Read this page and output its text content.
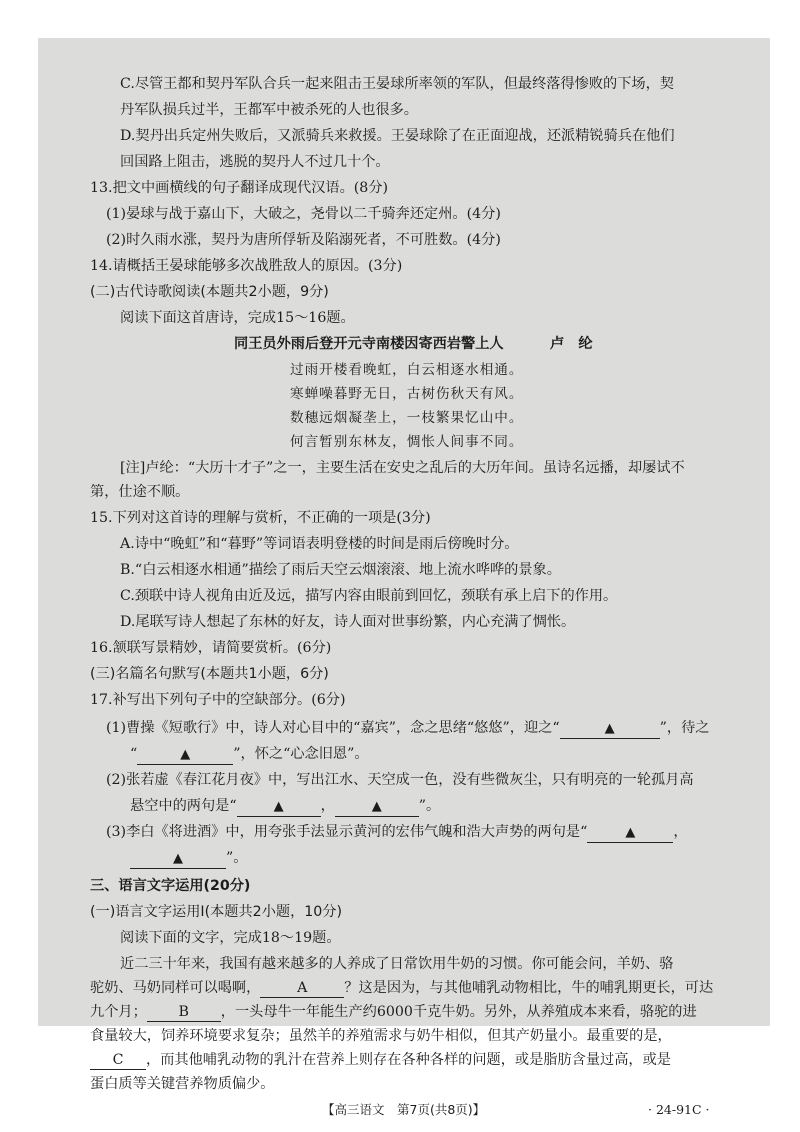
C.尽管王都和契丹军队合兵一起来阻击王晏球所率领的军队，但最终落得惨败的下场，契
丹军队损兵过半，王都军中被杀死的人也很多。
D.契丹出兵定州失败后，又派骑兵来救援。王晏球除了在正面迎战，还派精锐骑兵在他们
回国路上阻击，逃脱的契丹人不过几十个。
13.把文中画横线的句子翻译成现代汉语。(8分)
(1)晏球与战于嘉山下，大破之，尧骨以二千骑奔还定州。(4分)
(2)时久雨水涨，契丹为唐所俘斩及陷溺死者，不可胜数。(4分)
14.请概括王晏球能够多次战胜敌人的原因。(3分)
(二)古代诗歌阅读(本题共2小题，9分)
阅读下面这首唐诗，完成15～16题。
同王员外雨后登开元寺南楼因寄西岩警上人	卢　纶
过雨开楼看晚虹，白云相逐水相通。
寒蝉噪暮野无日，古树伤秋天有风。
数穗远烟凝垄上，一枝繁果忆山中。
何言暂别东林友，惆怅人间事不同。
[注]卢纶：“大历十才子”之一，主要生活在安史之乱后的大历年间。虽诗名远播，却屡试不
第，仕途不顺。
15.下列对这首诗的理解与赏析，不正确的一项是(3分)
A.诗中“晚虹”和“暮野”等词语表明登楼的时间是雨后傍晚时分。
B.“白云相逐水相通”描绘了雨后天空云烟滚滚、地上流水哗哗的景象。
C.颈联中诗人视角由近及远，描写内容由眼前到回忆，颈联有承上启下的作用。
D.尾联写诗人想起了东林的好友，诗人面对世事纷繁，内心充满了惆怅。
16.颔联写景精妙，请简要赏析。(6分)
(三)名篇名句默写(本题共1小题，6分)
17.补写出下列句子中的空缺部分。(6分)
(1)曹操《短歌行》中，诗人对心目中的“嘉宾”，念之思绪“悠悠”，迎之“	▲	”，待之
“	▲	”，怀之“心念旧恩”。
(2)张若虚《春江花月夜》中，写出江水、天空成一色，没有些微灰尘，只有明亮的一轮孤月高
悬空中的两句是“	▲	，	▲	”。
(3)李白《将进酒》中，用夸张手法显示黄河的宏伟气魄和浩大声势的两句是“	▲	，
▲	”。
三、语言文字运用(20分)
(一)语言文字运用Ⅰ(本题共2小题，10分)
阅读下面的文字，完成18～19题。
近二三十年来，我国有越来越多的人养成了日常饮用牛奶的习惯。你可能会问，羊奶、骆
驼奶、马奶同样可以喝啊，	A	？这是因为，与其他哺乳动物相比，牛的哺乳期更长，可达
九个月； B ，一头母牛一年能生产约6000千克牛奶。另外，从养殖成本来看，骆驼的进
食量较大，饲养环境要求复杂；虽然羊的养殖需求与奶牛相似，但其产奶量小。最重要的是，
C ，而其他哺乳动物的乳汁在营养上则存在各种各样的问题，或是脂肪含量过高，或是
蛋白质等关键营养物质偏少。
【高三语文　第7页(共8页)】	· 24-91C ·
